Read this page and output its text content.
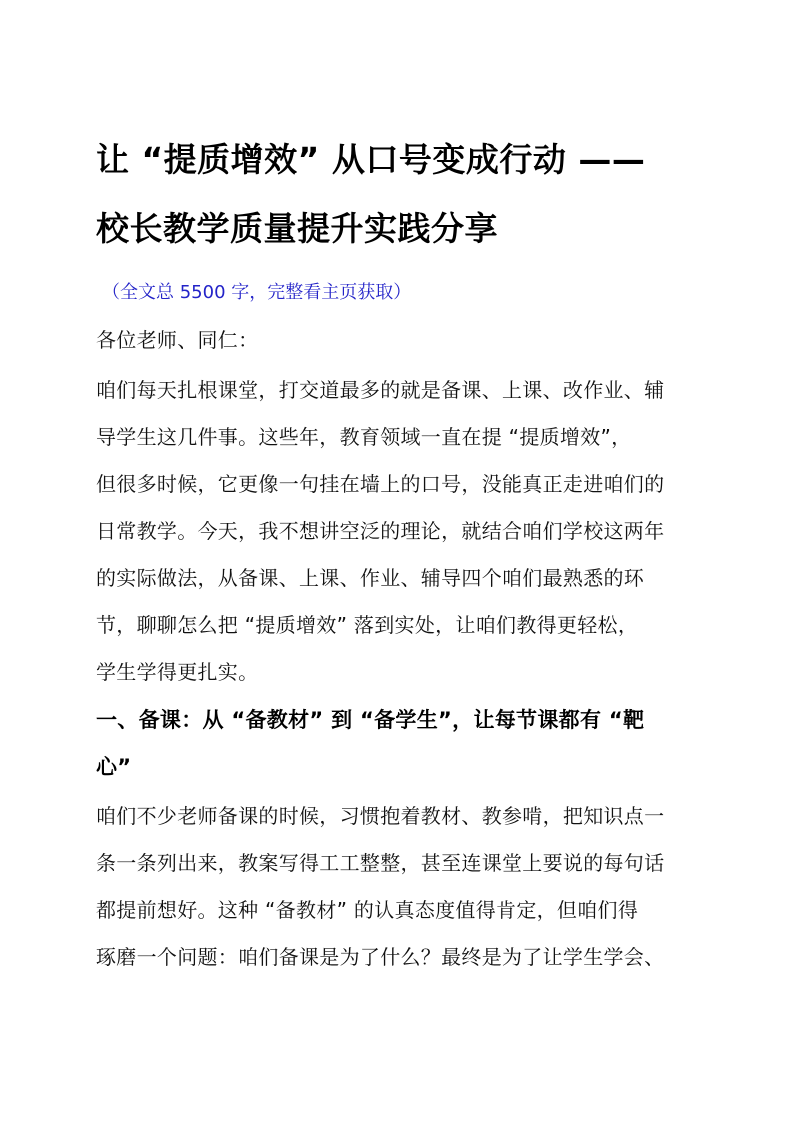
让 “提质增效” 从口号变成行动 ——
校长教学质量提升实践分享
（全文总 5500 字，完整看主页获取）
各位老师、同仁：
咱们每天扎根课堂，打交道最多的就是备课、上课、改作业、辅
导学生这几件事。这些年，教育领域一直在提 “提质增效”，
但很多时候，它更像一句挂在墙上的口号，没能真正走进咱们的
日常教学。今天，我不想讲空泛的理论，就结合咱们学校这两年
的实际做法，从备课、上课、作业、辅导四个咱们最熟悉的环
节，聊聊怎么把 “提质增效” 落到实处，让咱们教得更轻松，
学生学得更扎实。
一、备课：从 “备教材” 到 “备学生”，让每节课都有 “靶
心”
咱们不少老师备课的时候，习惯抱着教材、教参啃，把知识点一
条一条列出来，教案写得工工整整，甚至连课堂上要说的每句话
都提前想好。这种 “备教材” 的认真态度值得肯定，但咱们得
琢磨一个问题：咱们备课是为了什么？最终是为了让学生学会、
